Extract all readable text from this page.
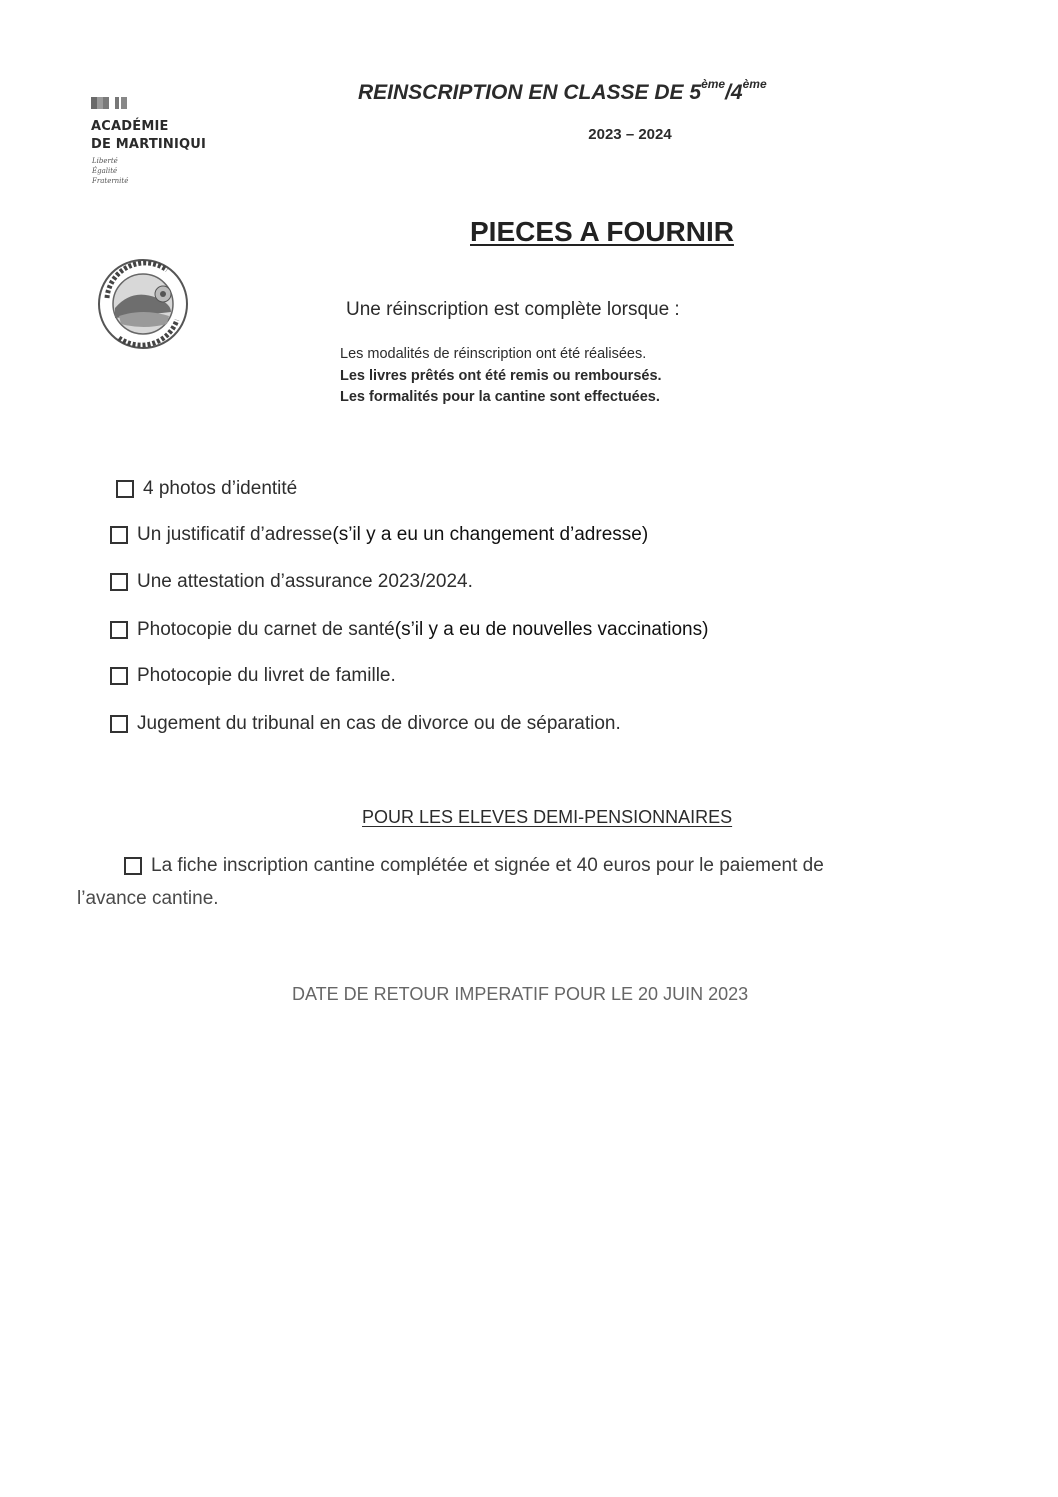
ACADÉMIE
DE MARTINIQUI
Liberté
Égalité
Fraternité
REINSCRIPTION EN CLASSE DE 5ème/4ème
2023 – 2024
PIECES A FOURNIR
Une réinscription est complète lorsque :
Les modalités de réinscription ont été réalisées.
Les livres prêtés ont été remis ou remboursés.
Les formalités pour la cantine sont effectuées.
4 photos d’identité
Un justificatif d’adresse (s’il y a eu un changement d’adresse)
Une attestation d’assurance 2023/2024.
Photocopie du carnet de santé (s’il y a eu de nouvelles vaccinations)
Photocopie du livret de famille.
Jugement du tribunal en cas de divorce ou de séparation.
POUR LES ELEVES DEMI-PENSIONNAIRES
La fiche inscription cantine complétée et signée et 40 euros pour le paiement de
l’avance cantine.
DATE DE RETOUR IMPERATIF POUR LE 20 JUIN 2023
